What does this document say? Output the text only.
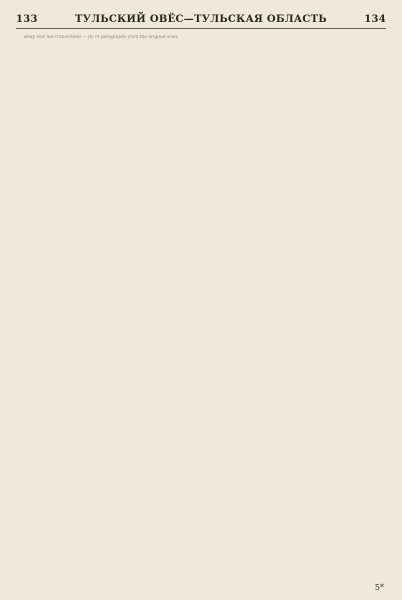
133	ТУЛЬСКИЙ ОВЁС—ТУЛЬСКАЯ ОБЛАСТЬ	134

Body text not transcribed — fill in paragraphs from the original scan.

5*
